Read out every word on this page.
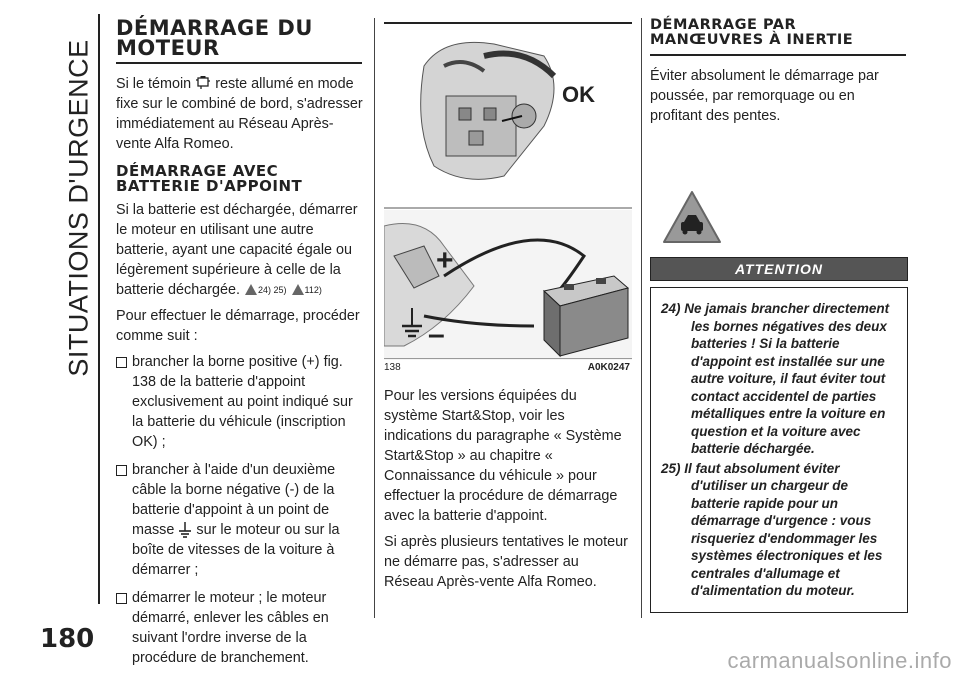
SITUATIONS D'URGENCE
180
carmanualsonline.info
DÉMARRAGE DU MOTEUR

Si le témoin reste allumé en mode fixe sur le combiné de bord, s'adresser immédiatement au Réseau Après-vente Alfa Romeo.

DÉMARRAGE AVEC BATTERIE D'APPOINT

Si la batterie est déchargée, démarrer le moteur en utilisant une autre batterie, ayant une capacité égale ou légèrement supérieure à celle de la batterie déchargée. 24) 25) 112)

Pour effectuer le démarrage, procéder comme suit :

brancher la borne positive (+) fig. 138 de la batterie d'appoint exclusivement au point indiqué sur la batterie du véhicule (inscription OK) ;
brancher à l'aide d'un deuxième câble la borne négative (-) de la batterie d'appoint à un point de masse sur le moteur ou sur la boîte de vitesses de la voiture à démarrer ;
démarrer le moteur ; le moteur démarré, enlever les câbles en suivant l'ordre inverse de la procédure de branchement.
OK
+
–
138	A0K0247

Pour les versions équipées du système Start&Stop, voir les indications du paragraphe « Système Start&Stop » au chapitre « Connaissance du véhicule » pour effectuer la procédure de démarrage avec la batterie d'appoint.

Si après plusieurs tentatives le moteur ne démarre pas, s'adresser au Réseau Après-vente Alfa Romeo.

DÉMARRAGE PAR MANŒUVRES À INERTIE

Éviter absolument le démarrage par poussée, par remorquage ou en profitant des pentes.

ATTENTION
24) Ne jamais brancher directement les bornes négatives des deux batteries ! Si la batterie d'appoint est installée sur une autre voiture, il faut éviter tout contact accidentel de parties métalliques entre la voiture en question et la voiture avec batterie déchargée.
25) Il faut absolument éviter d'utiliser un chargeur de batterie rapide pour un démarrage d'urgence : vous risqueriez d'endommager les systèmes électroniques et les centrales d'allumage et d'alimentation du moteur.
